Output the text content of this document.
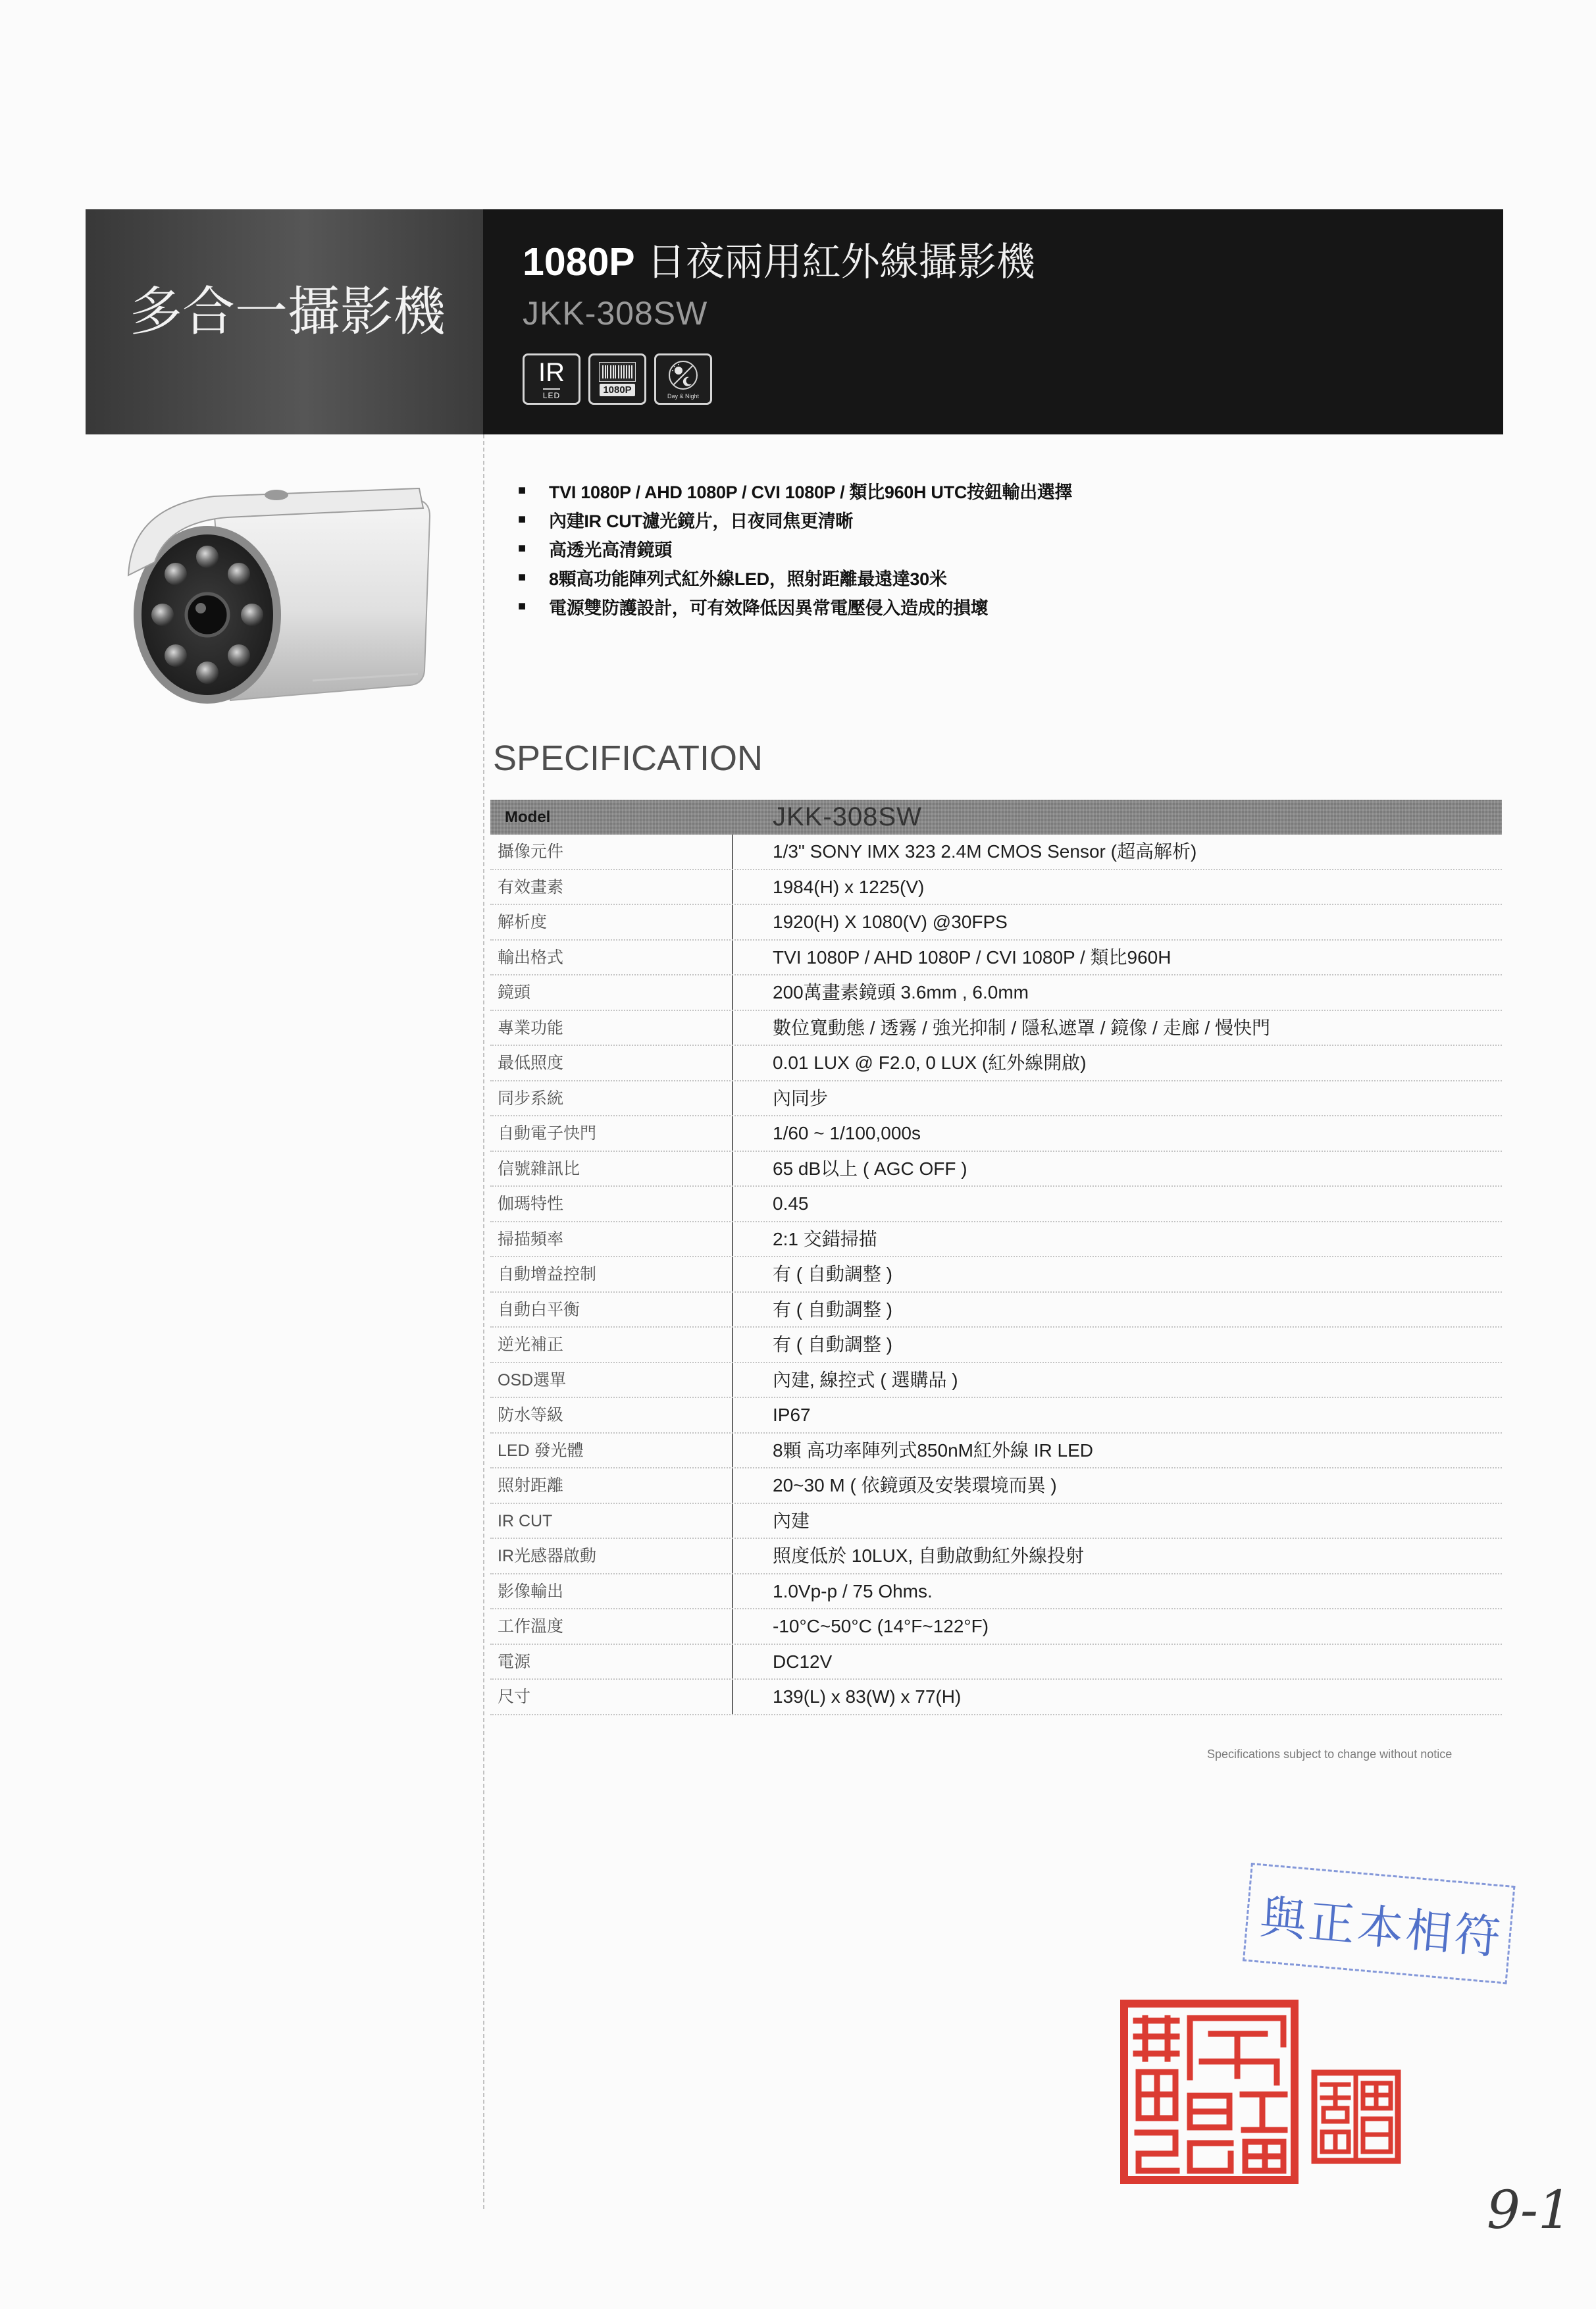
多合一攝影機
1080P 日夜兩用紅外線攝影機
JKK-308SW
IR
LED	1080P
Day & Night
■	TVI 1080P / AHD 1080P / CVI 1080P / 類比960H UTC按鈕輸出選擇
■	內建IR CUT濾光鏡片，日夜同焦更清晰
■	高透光高清鏡頭
■	8顆高功能陣列式紅外線LED，照射距離最遠達30米
■	電源雙防護設計，可有效降低因異常電壓侵入造成的損壞
SPECIFICATION
Model	JKK-308SW
攝像元件	1/3" SONY IMX 323 2.4M CMOS Sensor (超高解析)
有效畫素	1984(H) x 1225(V)
解析度	1920(H) X 1080(V) @30FPS
輸出格式	TVI 1080P / AHD 1080P / CVI 1080P / 類比960H
鏡頭	200萬畫素鏡頭 3.6mm , 6.0mm
專業功能	數位寬動態 / 透霧 / 強光抑制 / 隱私遮罩 / 鏡像 / 走廊 / 慢快門
最低照度	0.01 LUX @ F2.0, 0 LUX (紅外線開啟)
同步系統	內同步
自動電子快門	1/60 ~ 1/100,000s
信號雜訊比	65 dB以上 ( AGC OFF )
伽瑪特性	0.45
掃描頻率	2:1 交錯掃描
自動增益控制	有 ( 自動調整 )
自動白平衡	有 ( 自動調整 )
逆光補正	有 ( 自動調整 )
OSD選單	內建, 線控式 ( 選購品 )
防水等級	IP67
LED 發光體	8顆 高功率陣列式850nM紅外線 IR LED
照射距離	20~30 M ( 依鏡頭及安裝環境而異 )
IR CUT	內建
IR光感器啟動	照度低於 10LUX, 自動啟動紅外線投射
影像輸出	1.0Vp-p / 75 Ohms.
工作溫度	-10°C~50°C (14°F~122°F)
電源	DC12V
尺寸	139(L) x 83(W) x 77(H)
Specifications subject to change without notice
與正本相符
9-1
